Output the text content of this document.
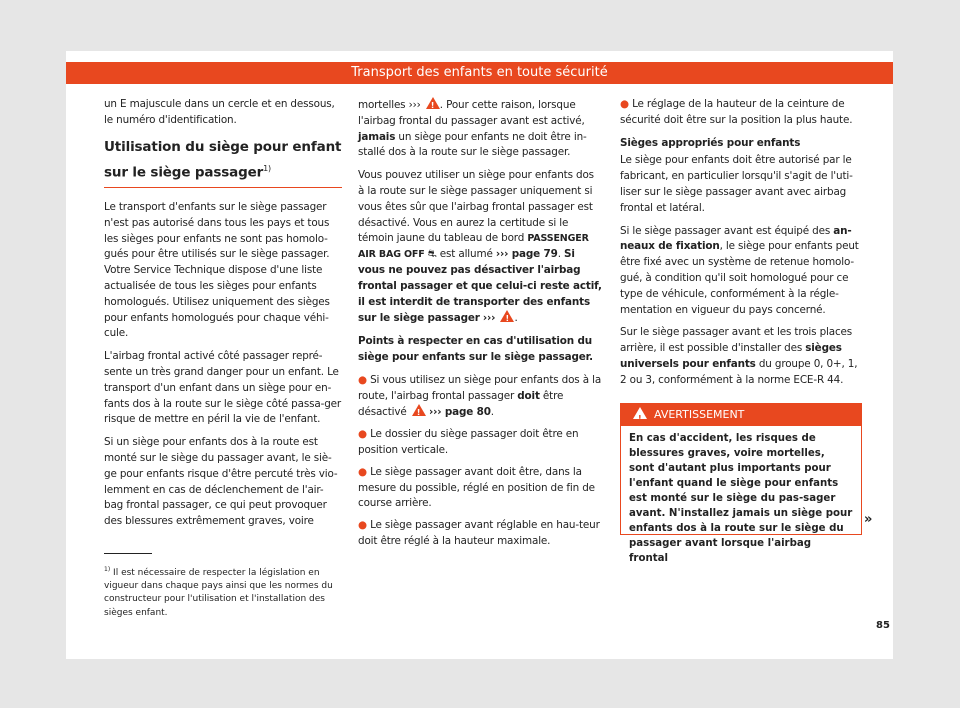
Transport des enfants en toute sécurité

un E majuscule dans un cercle et en dessous, le numéro d'identification.

Utilisation du siège pour enfant sur le siège passager$^{1)}$

Le transport d'enfants sur le siège passager n'est pas autorisé dans tous les pays et tous les sièges pour enfants ne sont pas homolo-gués pour être utilisés sur le siège passager. Votre Service Technique dispose d'une liste actualisée de tous les sièges pour enfants homologués. Utilisez uniquement des sièges pour enfants homologués pour chaque véhi-cule.

L'airbag frontal activé côté passager repré-sente un très grand danger pour un enfant. Le transport d'un enfant dans un siège pour en-fants dos à la route sur le siège côté passa-ger risque de mettre en péril la vie de l'enfant.

Si un siège pour enfants dos à la route est monté sur le siège du passager avant, le siè-ge pour enfants risque d'être percuté très vio-lemment en cas de déclenchement de l'air-bag frontal passager, ce qui peut provoquer des blessures extrêmement graves, voire

mortelles ››› ! . Pour cette raison, lorsque l'airbag frontal du passager avant est activé, jamais un siège pour enfants ne doit être in-stallé dos à la route sur le siège passager.

Vous pouvez utiliser un siège pour enfants dos à la route sur le siège passager uniquement si vous êtes sûr que l'airbag frontal passager est désactivé. Vous en aurez la certitude si le témoin jaune du tableau de bord PASSENGER AIR BAG OFF ⛐ est allumé ››› page 79. Si vous ne pouvez pas désactiver l'airbag frontal passager et que celui-ci reste actif, il est interdit de transporter des enfants sur le siège passager ››› ! .

Points à respecter en cas d'utilisation du siège pour enfants sur le siège passager.

● Si vous utilisez un siège pour enfants dos à la route, l'airbag frontal passager doit être désactivé ! ››› page 80.
● Le dossier du siège passager doit être en position verticale.
● Le siège passager avant doit être, dans la mesure du possible, réglé en position de fin de course arrière.
● Le siège passager avant réglable en hau-teur doit être réglé à la hauteur maximale.

● Le réglage de la hauteur de la ceinture de sécurité doit être sur la position la plus haute.

Sièges appropriés pour enfants

Le siège pour enfants doit être autorisé par le fabricant, en particulier lorsqu'il s'agit de l'uti-liser sur le siège passager avant avec airbag frontal et latéral.

Si le siège passager avant est équipé des an-neaux de fixation, le siège pour enfants peut être fixé avec un système de retenue homolo-gué, à condition qu'il soit homologué pour ce type de véhicule, conformément à la régle-mentation en vigueur du pays concerné.

Sur le siège passager avant et les trois places arrière, il est possible d'installer des sièges universels pour enfants du groupe 0, 0+, 1, 2 ou 3, conformément à la norme ECE-R 44.

!  AVERTISSEMENT
En cas d'accident, les risques de blessures graves, voire mortelles, sont d'autant plus importants pour l'enfant quand le siège pour enfants est monté sur le siège du pas-sager avant. N'installez jamais un siège pour enfants dos à la route sur le siège du passager avant lorsque l'airbag frontal
»
$^{1)}$ Il est nécessaire de respecter la législation en vigueur dans chaque pays ainsi que les normes du constructeur pour l'utilisation et l'installation des sièges enfant.
85
